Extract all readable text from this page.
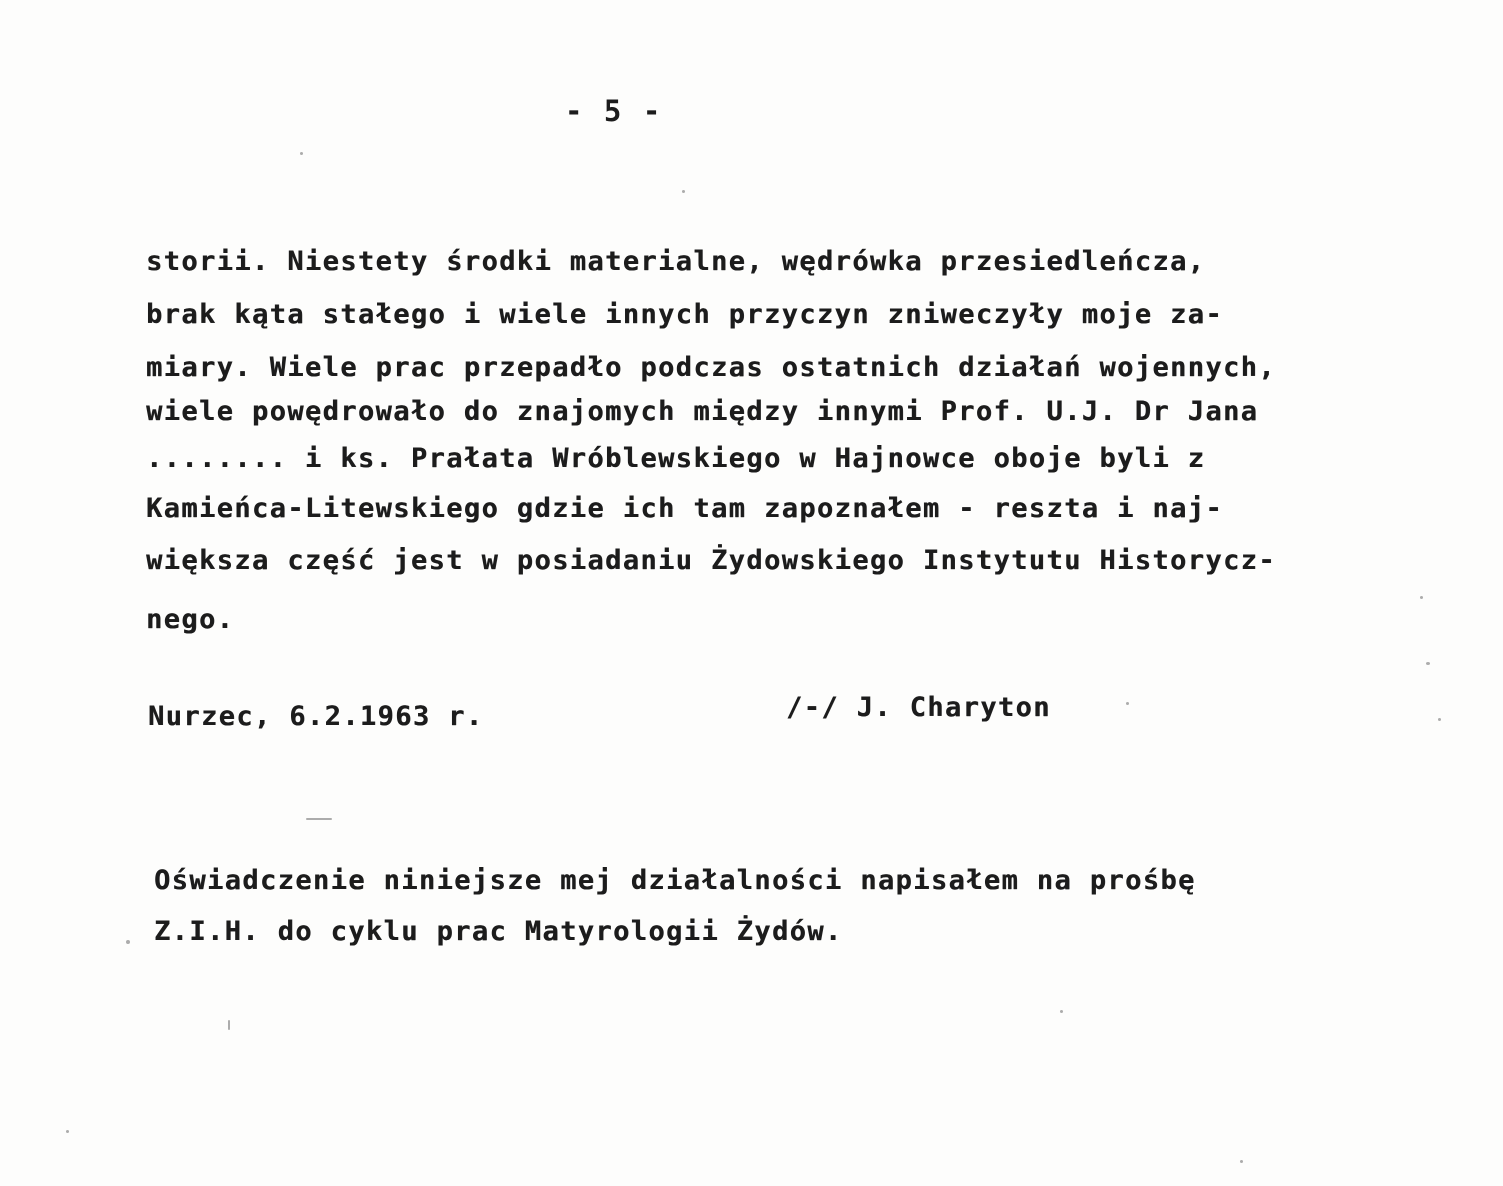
- 5 -
storii. Niestety środki materialne, wędrówka przesiedleńcza,
brak kąta stałego i wiele innych przyczyn zniweczyły moje za-
miary. Wiele prac przepadło podczas ostatnich działań wojennych,
wiele powędrowało do znajomych między innymi Prof. U.J. Dr Jana
........ i ks. Prałata Wróblewskiego w Hajnowce oboje byli z
Kamieńca-Litewskiego gdzie ich tam zapoznałem - reszta i naj-
większa część jest w posiadaniu Żydowskiego Instytutu Historycz-
nego.
Nurzec, 6.2.1963 r.	/-/ J. Charyton
Oświadczenie niniejsze mej działalności napisałem na prośbę
Z.I.H. do cyklu prac Matyrologii Żydów.
